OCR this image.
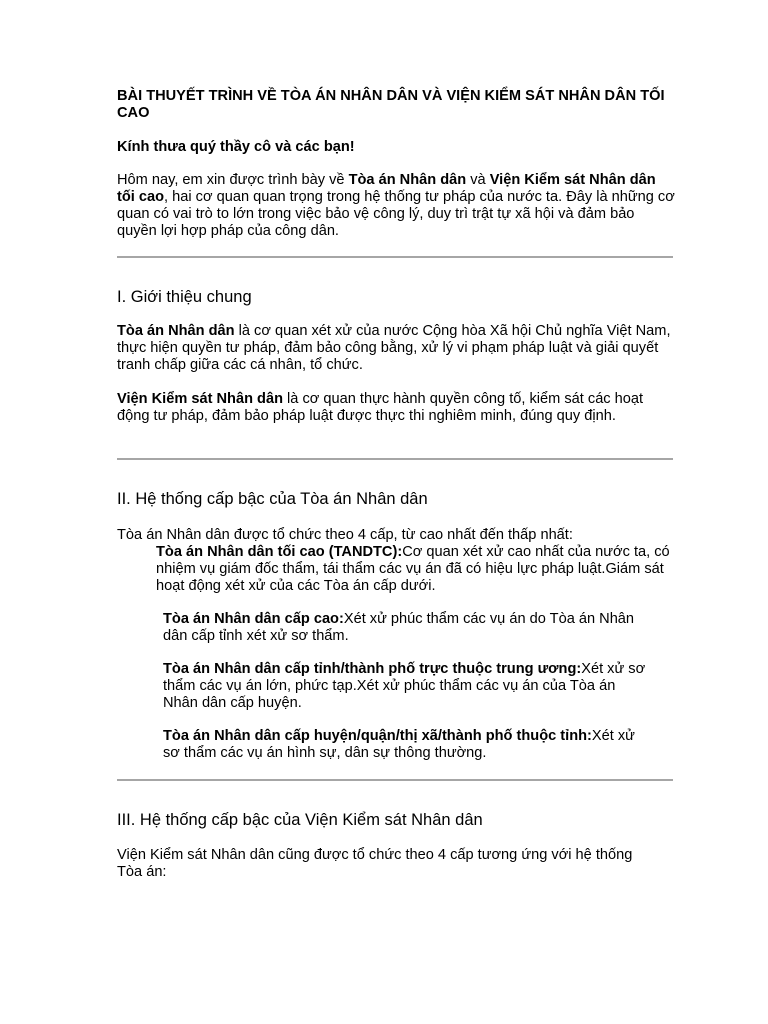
BÀI THUYẾT TRÌNH VỀ TÒA ÁN NHÂN DÂN VÀ VIỆN KIỂM SÁT NHÂN DÂN TỐI CAO
Kính thưa quý thầy cô và các bạn!
Hôm nay, em xin được trình bày về Tòa án Nhân dân và Viện Kiểm sát Nhân dân tối cao, hai cơ quan quan trọng trong hệ thống tư pháp của nước ta. Đây là những cơ quan có vai trò to lớn trong việc bảo vệ công lý, duy trì trật tự xã hội và đảm bảo quyền lợi hợp pháp của công dân.
I. Giới thiệu chung
Tòa án Nhân dân là cơ quan xét xử của nước Cộng hòa Xã hội Chủ nghĩa Việt Nam, thực hiện quyền tư pháp, đảm bảo công bằng, xử lý vi phạm pháp luật và giải quyết tranh chấp giữa các cá nhân, tổ chức.
Viện Kiểm sát Nhân dân là cơ quan thực hành quyền công tố, kiểm sát các hoạt động tư pháp, đảm bảo pháp luật được thực thi nghiêm minh, đúng quy định.
II. Hệ thống cấp bậc của Tòa án Nhân dân
Tòa án Nhân dân được tổ chức theo 4 cấp, từ cao nhất đến thấp nhất:
Tòa án Nhân dân tối cao (TANDTC):Cơ quan xét xử cao nhất của nước ta, có nhiệm vụ giám đốc thẩm, tái thẩm các vụ án đã có hiệu lực pháp luật.Giám sát hoạt động xét xử của các Tòa án cấp dưới.
Tòa án Nhân dân cấp cao:Xét xử phúc thẩm các vụ án do Tòa án Nhân dân cấp tỉnh xét xử sơ thẩm.
Tòa án Nhân dân cấp tỉnh/thành phố trực thuộc trung ương:Xét xử sơ thẩm các vụ án lớn, phức tạp.Xét xử phúc thẩm các vụ án của Tòa án Nhân dân cấp huyện.
Tòa án Nhân dân cấp huyện/quận/thị xã/thành phố thuộc tỉnh:Xét xử sơ thẩm các vụ án hình sự, dân sự thông thường.
III. Hệ thống cấp bậc của Viện Kiểm sát Nhân dân
Viện Kiểm sát Nhân dân cũng được tổ chức theo 4 cấp tương ứng với hệ thống Tòa án:
